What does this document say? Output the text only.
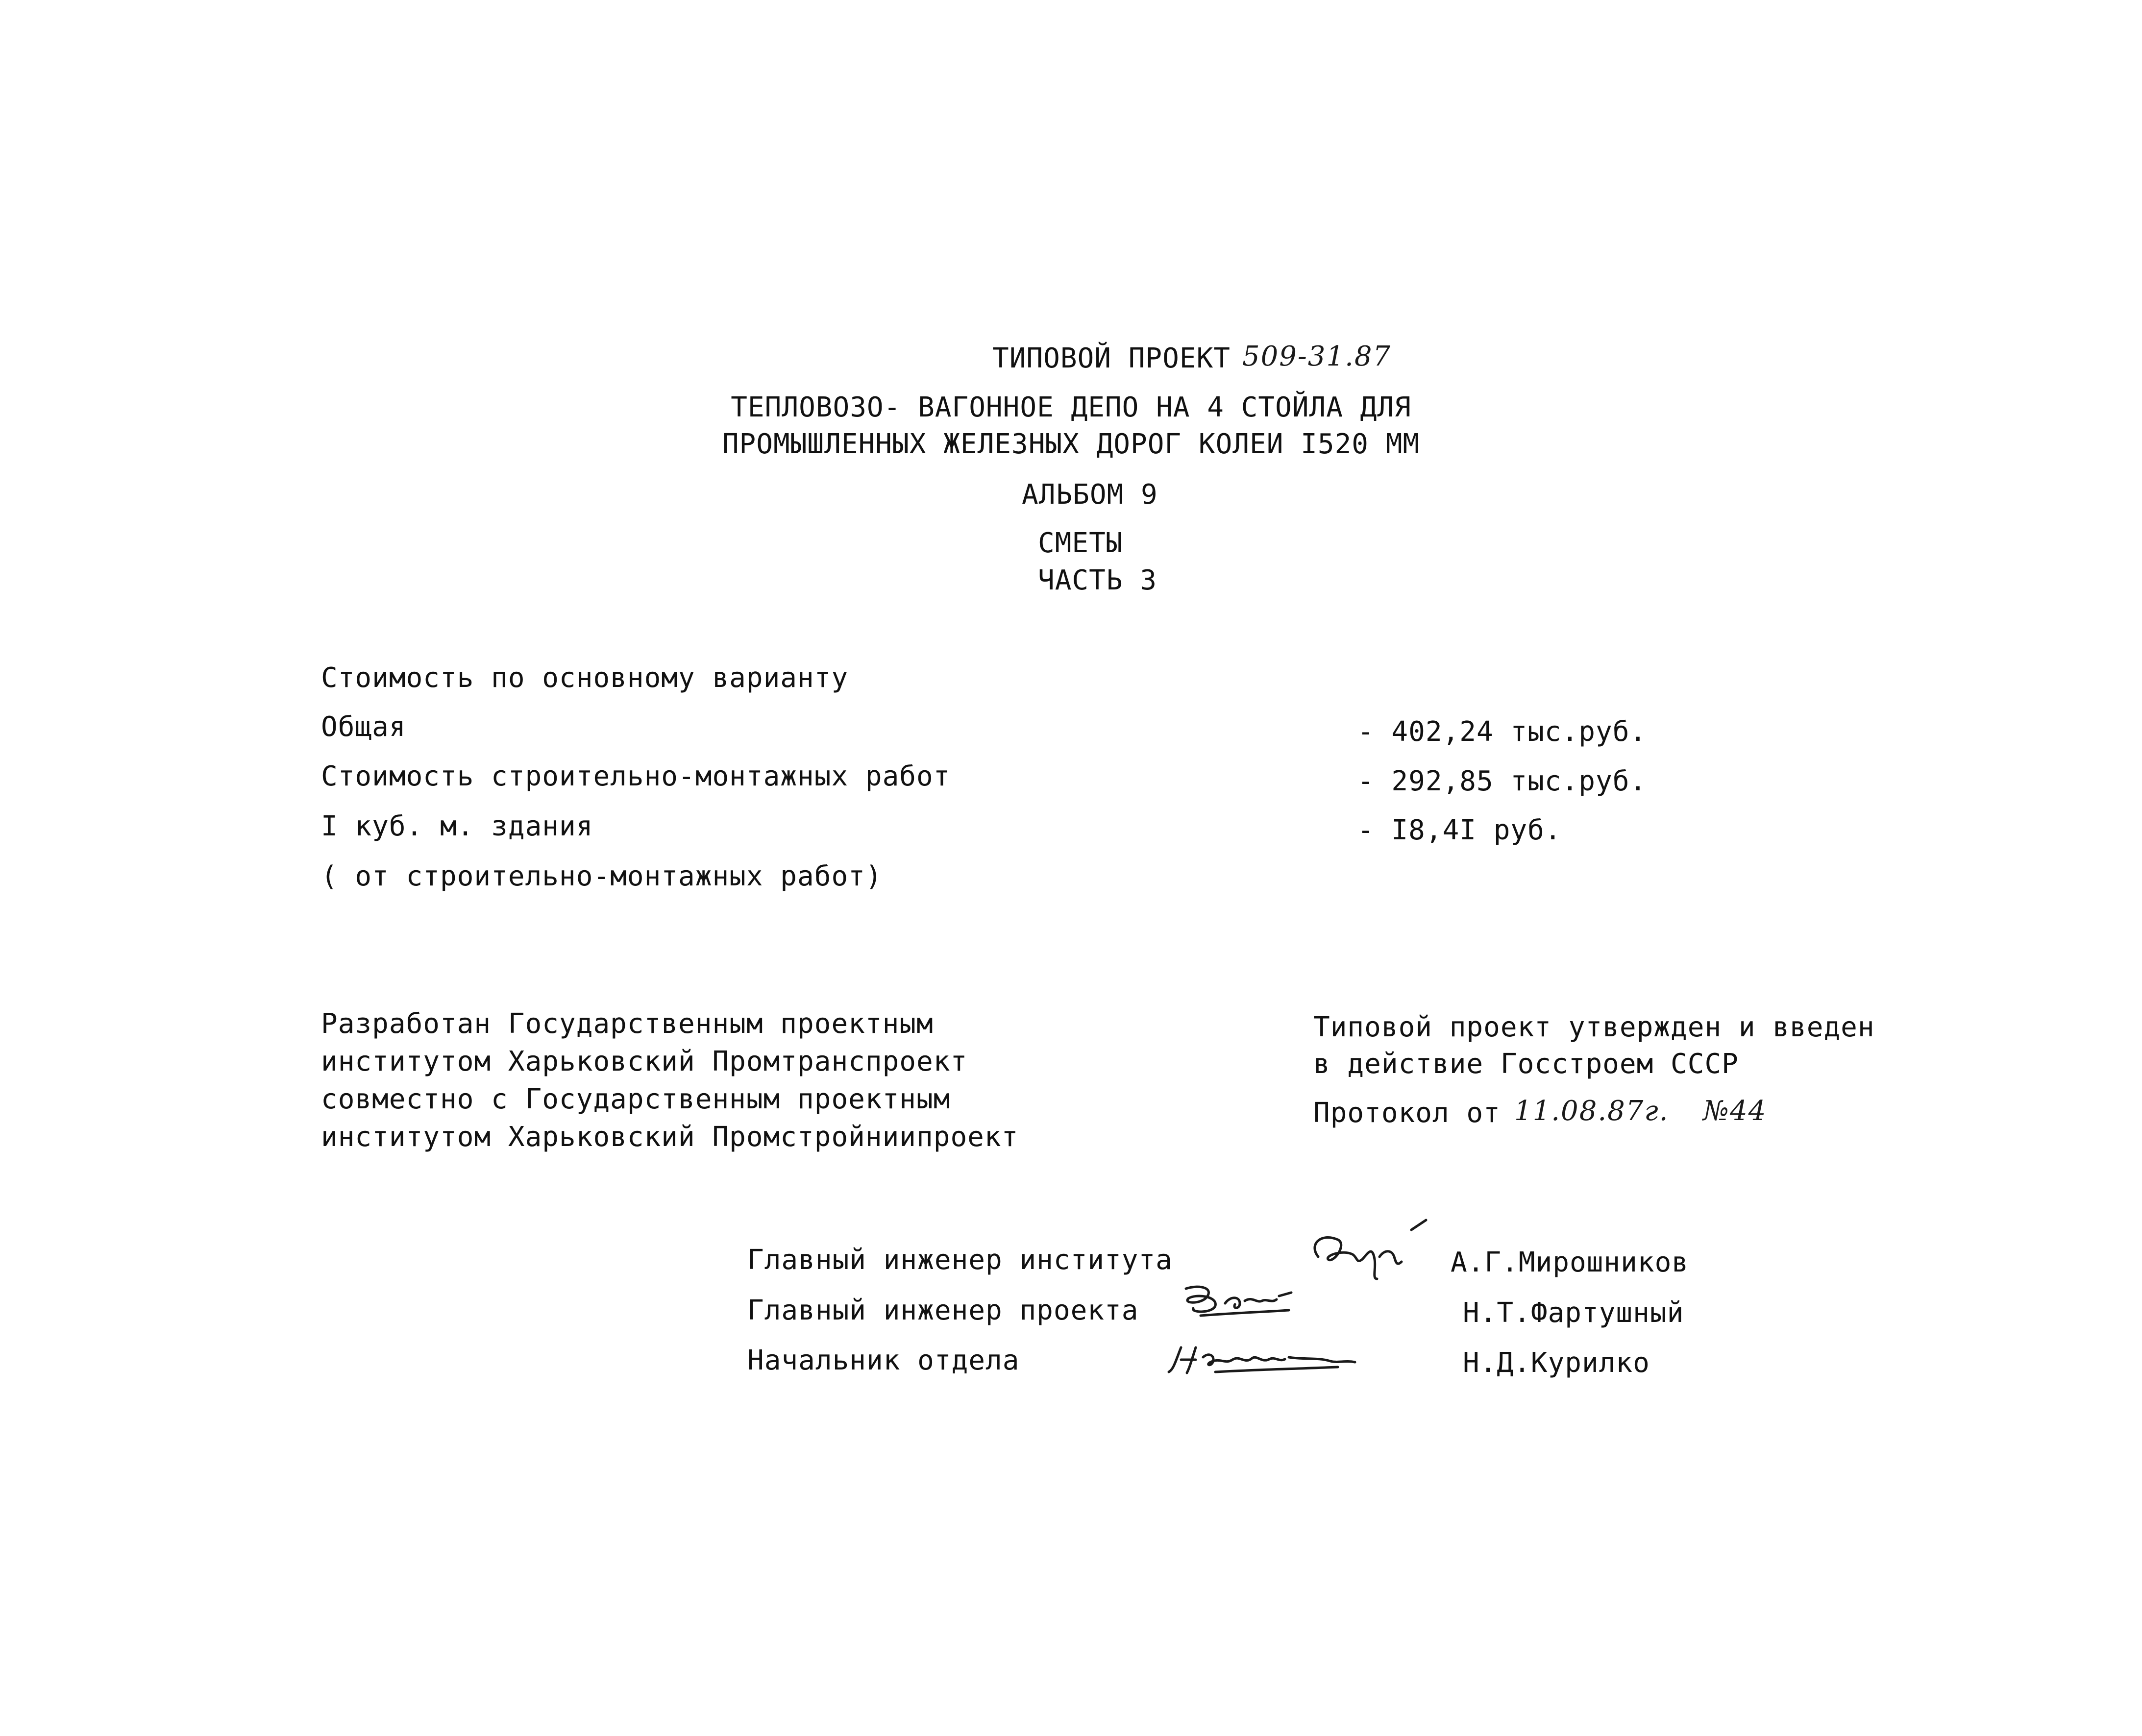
ТИПОВОЙ ПРОЕКТ 509-31.87
ТЕПЛОВОЗО- ВАГОННОЕ ДЕПО НА 4 СТОЙЛА ДЛЯ
ПРОМЫШЛЕННЫХ ЖЕЛЕЗНЫХ ДОРОГ КОЛЕИ I520 ММ
АЛЬБОМ 9
СМЕТЫ
ЧАСТЬ 3
Стоимость по основному варианту
Общая	- 402,24 тыс.руб.
Стоимость строительно-монтажных работ	- 292,85 тыс.руб.
I куб. м. здания	- I8,4I руб.
( от строительно-монтажных работ)
Разработан Государственным проектным
институтом Харьковский Промтранспроект
совместно с Государственным проектным
институтом Харьковский Промстройниипроект
Типовой проект утвержден и введен
в действие Госстроем СССР
Протокол от 11.08.87г. №44
Главный инженер института	А.Г.Мирошников
Главный инженер проекта	Н.Т.Фартушный
Начальник отдела	Н.Д.Курилко
